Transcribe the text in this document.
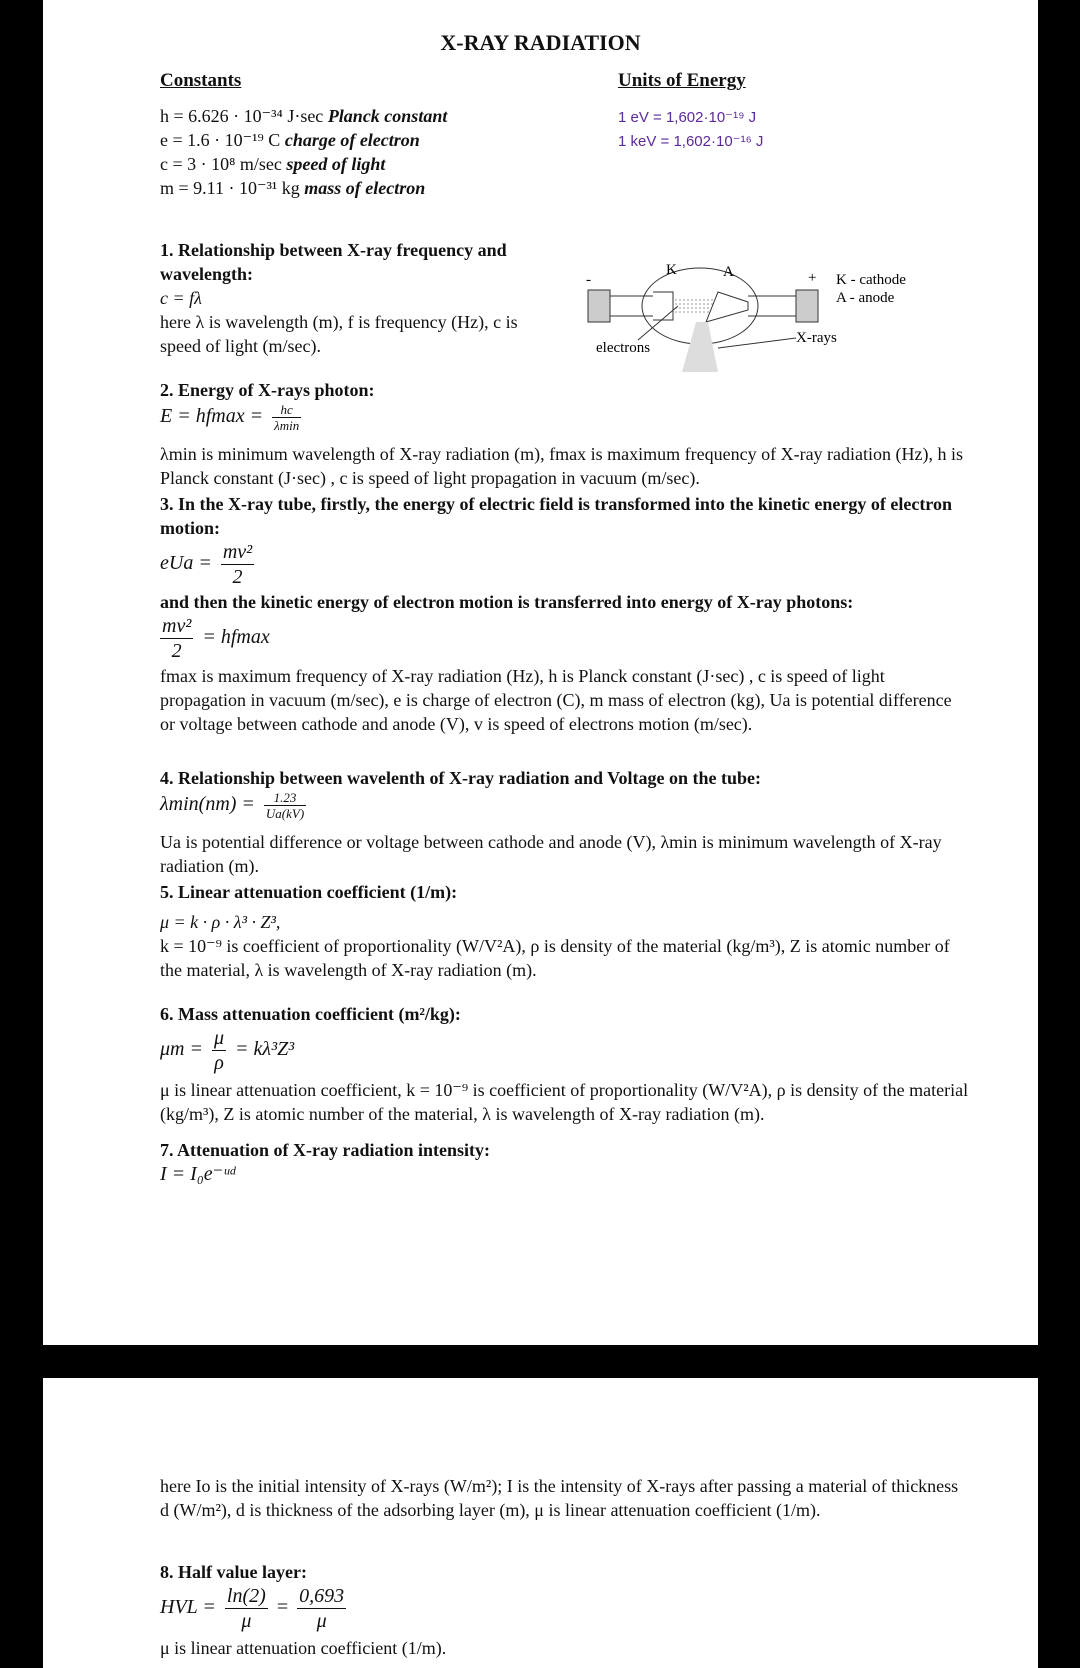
X-RAY RADIATION
Constants
h = 6.626 · 10⁻³⁴ J·sec Planck constant
e = 1.6 · 10⁻¹⁹ C charge of electron
c = 3 · 10⁸ m/sec speed of light
m = 9.11 · 10⁻³¹ kg mass of electron
Units of Energy
1 eV = 1,602·10⁻¹⁹ J
1 keV = 1,602·10⁻¹⁶ J
1. Relationship between X-ray frequency and wavelength:
c = fλ
here λ is wavelength (m), f is frequency (Hz), c is speed of light (m/sec).
-	+
K	A
electrons
X-rays
K - cathode
A - anode
2. Energy of X-rays photon:
$E = hfmax = \frac{hc}{\lambda\min}$
λmin is minimum wavelength of X-ray radiation (m), fmax is maximum frequency of X-ray radiation (Hz), h is Planck constant (J·sec) , c is speed of light propagation in vacuum (m/sec).
3. In the X-ray tube, firstly, the energy of electric field is transformed into the kinetic energy of electron motion:
eUa = $\frac{\text{mv²}}{2}$
and then the kinetic energy of electron motion is transferred into energy of X-ray photons:
$\frac{\text{mv²}}{2} = hfmax$
fmax is maximum frequency of X-ray radiation (Hz), h is Planck constant (J·sec) , c is speed of light propagation in vacuum (m/sec), e is charge of electron (C), m mass of electron (kg), Ua is potential difference or voltage between cathode and anode (V), v is speed of electrons motion (m/sec).
4. Relationship between wavelenth of X-ray radiation and Voltage on the tube:
$\lambda\min(nm) = \frac{1.23}{Ua(kV)}$
Ua is potential difference or voltage between cathode and anode (V), λmin is minimum wavelength of X-ray radiation (m).
5. Linear attenuation coefficient (1/m):
μ = k · ρ · λ³ · Z³,
k = 10⁻⁹ is coefficient of proportionality (W/V²A), ρ is density of the material (kg/m³), Z is atomic number of the material, λ is wavelength of X-ray radiation (m).
6. Mass attenuation coefficient (m²/kg):
$\mu m = \frac{\mu}{\rho} = k\lambda^3Z^3$
μ is linear attenuation coefficient, k = 10⁻⁹ is coefficient of proportionality (W/V²A), ρ is density of the material (kg/m³), Z is atomic number of the material, λ is wavelength of X-ray radiation (m).
7. Attenuation of X-ray radiation intensity:
I = I₀e⁻ᵘᵈ
here Io is the initial intensity of X-rays (W/m²); I is the intensity of X-rays after passing a material of thickness d (W/m²), d is thickness of the adsorbing layer (m), μ is linear attenuation coefficient (1/m).
8. Half value layer:
HVL = $\frac{\ln(2)}{\mu} = \frac{0,693}{\mu}$
μ is linear attenuation coefficient (1/m).
